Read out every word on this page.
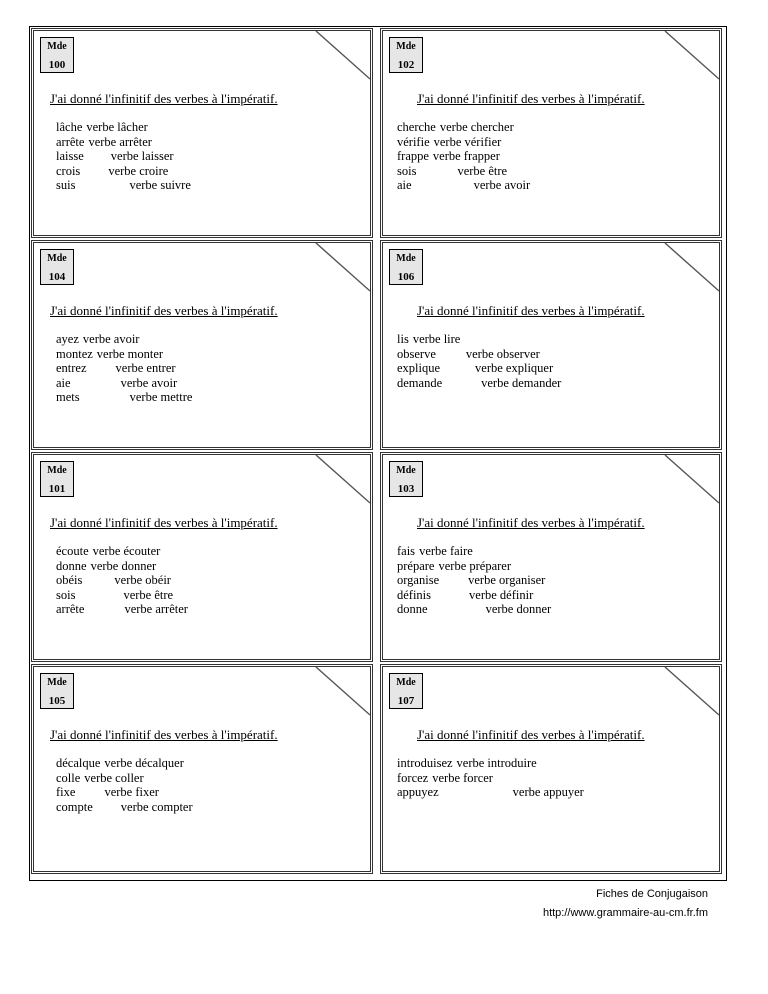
Mde
100
J'ai donné l'infinitif des verbes à l'impératif.
lâche verbe lâcher
arrête verbe arrêter
laisse verbe laisser
crois verbe croire
suis	verbe suivre
Mde
104
J'ai donné l'infinitif des verbes à l'impératif.
ayez verbe avoir
montez verbe monter
entrez verbe entrer
aie	verbe avoir
mets	verbe mettre
Mde
101
J'ai donné l'infinitif des verbes à l'impératif.
écoute verbe écouter
donne verbe donner
obéis	verbe obéir
sois	verbe être
arrête	verbe arrêter
Mde
105
J'ai donné l'infinitif des verbes à l'impératif.
décalque verbe décalquer
colle verbe coller
fixe verbe fixer
compte verbe compter
Mde
102
J'ai donné l'infinitif des verbes à l'impératif.
cherche verbe chercher
vérifie verbe vérifier
frappe verbe frapper
sois	verbe être
aie	verbe avoir
Mde
106
J'ai donné l'infinitif des verbes à l'impératif.
lis verbe lire
observe verbe observer
explique	verbe expliquer
demande	verbe demander
Mde
103
J'ai donné l'infinitif des verbes à l'impératif.
fais verbe faire
prépare verbe préparer
organise verbe organiser
définis	verbe définir
donne	verbe donner
Mde
107
J'ai donné l'infinitif des verbes à l'impératif.
introduisez verbe introduire
forcez verbe forcer
appuyez	verbe appuyer
Fiches de Conjugaison
http://www.grammaire-au-cm.fr.fm
